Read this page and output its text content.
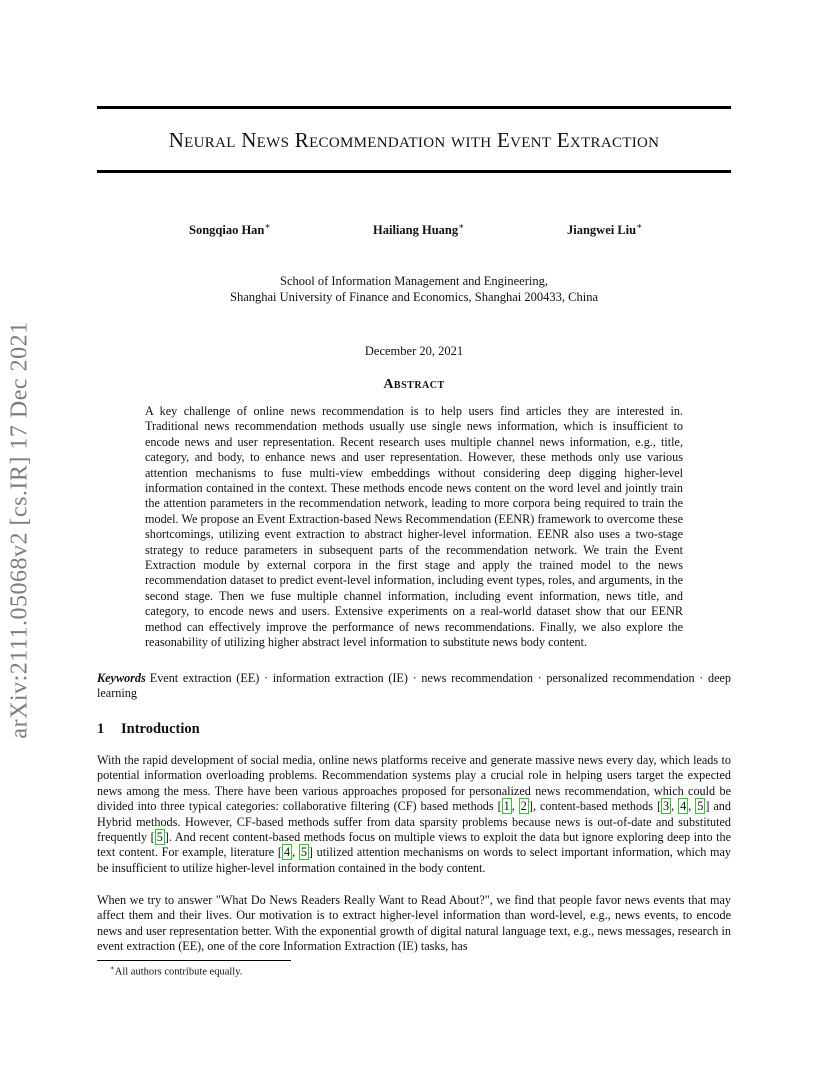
arXiv:2111.05068v2 [cs.IR] 17 Dec 2021
Neural News Recommendation with Event Extraction
Songqiao Han∗	Hailiang Huang∗	Jiangwei Liu∗
School of Information Management and Engineering,
Shanghai University of Finance and Economics, Shanghai 200433, China
December 20, 2021
Abstract
A key challenge of online news recommendation is to help users find articles they are interested in. Traditional news recommendation methods usually use single news information, which is insufficient to encode news and user representation. Recent research uses multiple channel news information, e.g., title, category, and body, to enhance news and user representation. However, these methods only use various attention mechanisms to fuse multi-view embeddings without considering deep digging higher-level information contained in the context. These methods encode news content on the word level and jointly train the attention parameters in the recommendation network, leading to more corpora being required to train the model. We propose an Event Extraction-based News Recommendation (EENR) framework to overcome these shortcomings, utilizing event extraction to abstract higher-level information. EENR also uses a two-stage strategy to reduce parameters in subsequent parts of the recommendation network. We train the Event Extraction module by external corpora in the first stage and apply the trained model to the news recommendation dataset to predict event-level information, including event types, roles, and arguments, in the second stage. Then we fuse multiple channel information, including event information, news title, and category, to encode news and users. Extensive experiments on a real-world dataset show that our EENR method can effectively improve the performance of news recommendations. Finally, we also explore the reasonability of utilizing higher abstract level information to substitute news body content.
Keywords Event extraction (EE) · information extraction (IE) · news recommendation · personalized recommendation · deep learning
1 Introduction
With the rapid development of social media, online news platforms receive and generate massive news every day, which leads to potential information overloading problems. Recommendation systems play a crucial role in helping users target the expected news among the mess. There have been various approaches proposed for personalized news recommendation, which could be divided into three typical categories: collaborative filtering (CF) based methods [ 1 , 2 ], content-based methods [ 3 , 4 , 5 ] and Hybrid methods. However, CF-based methods suffer from data sparsity problems because news is out-of-date and substituted frequently [ 5 ]. And recent content-based methods focus on multiple views to exploit the data but ignore exploring deep into the text content. For example, literature [ 4 , 5 ] utilized attention mechanisms on words to select important information, which may be insufficient to utilize higher-level information contained in the body content.
When we try to answer "What Do News Readers Really Want to Read About?", we find that people favor news events that may affect them and their lives. Our motivation is to extract higher-level information than word-level, e.g., news events, to encode news and user representation better. With the exponential growth of digital natural language text, e.g., news messages, research in event extraction (EE), one of the core Information Extraction (IE) tasks, has
∗All authors contribute equally.
